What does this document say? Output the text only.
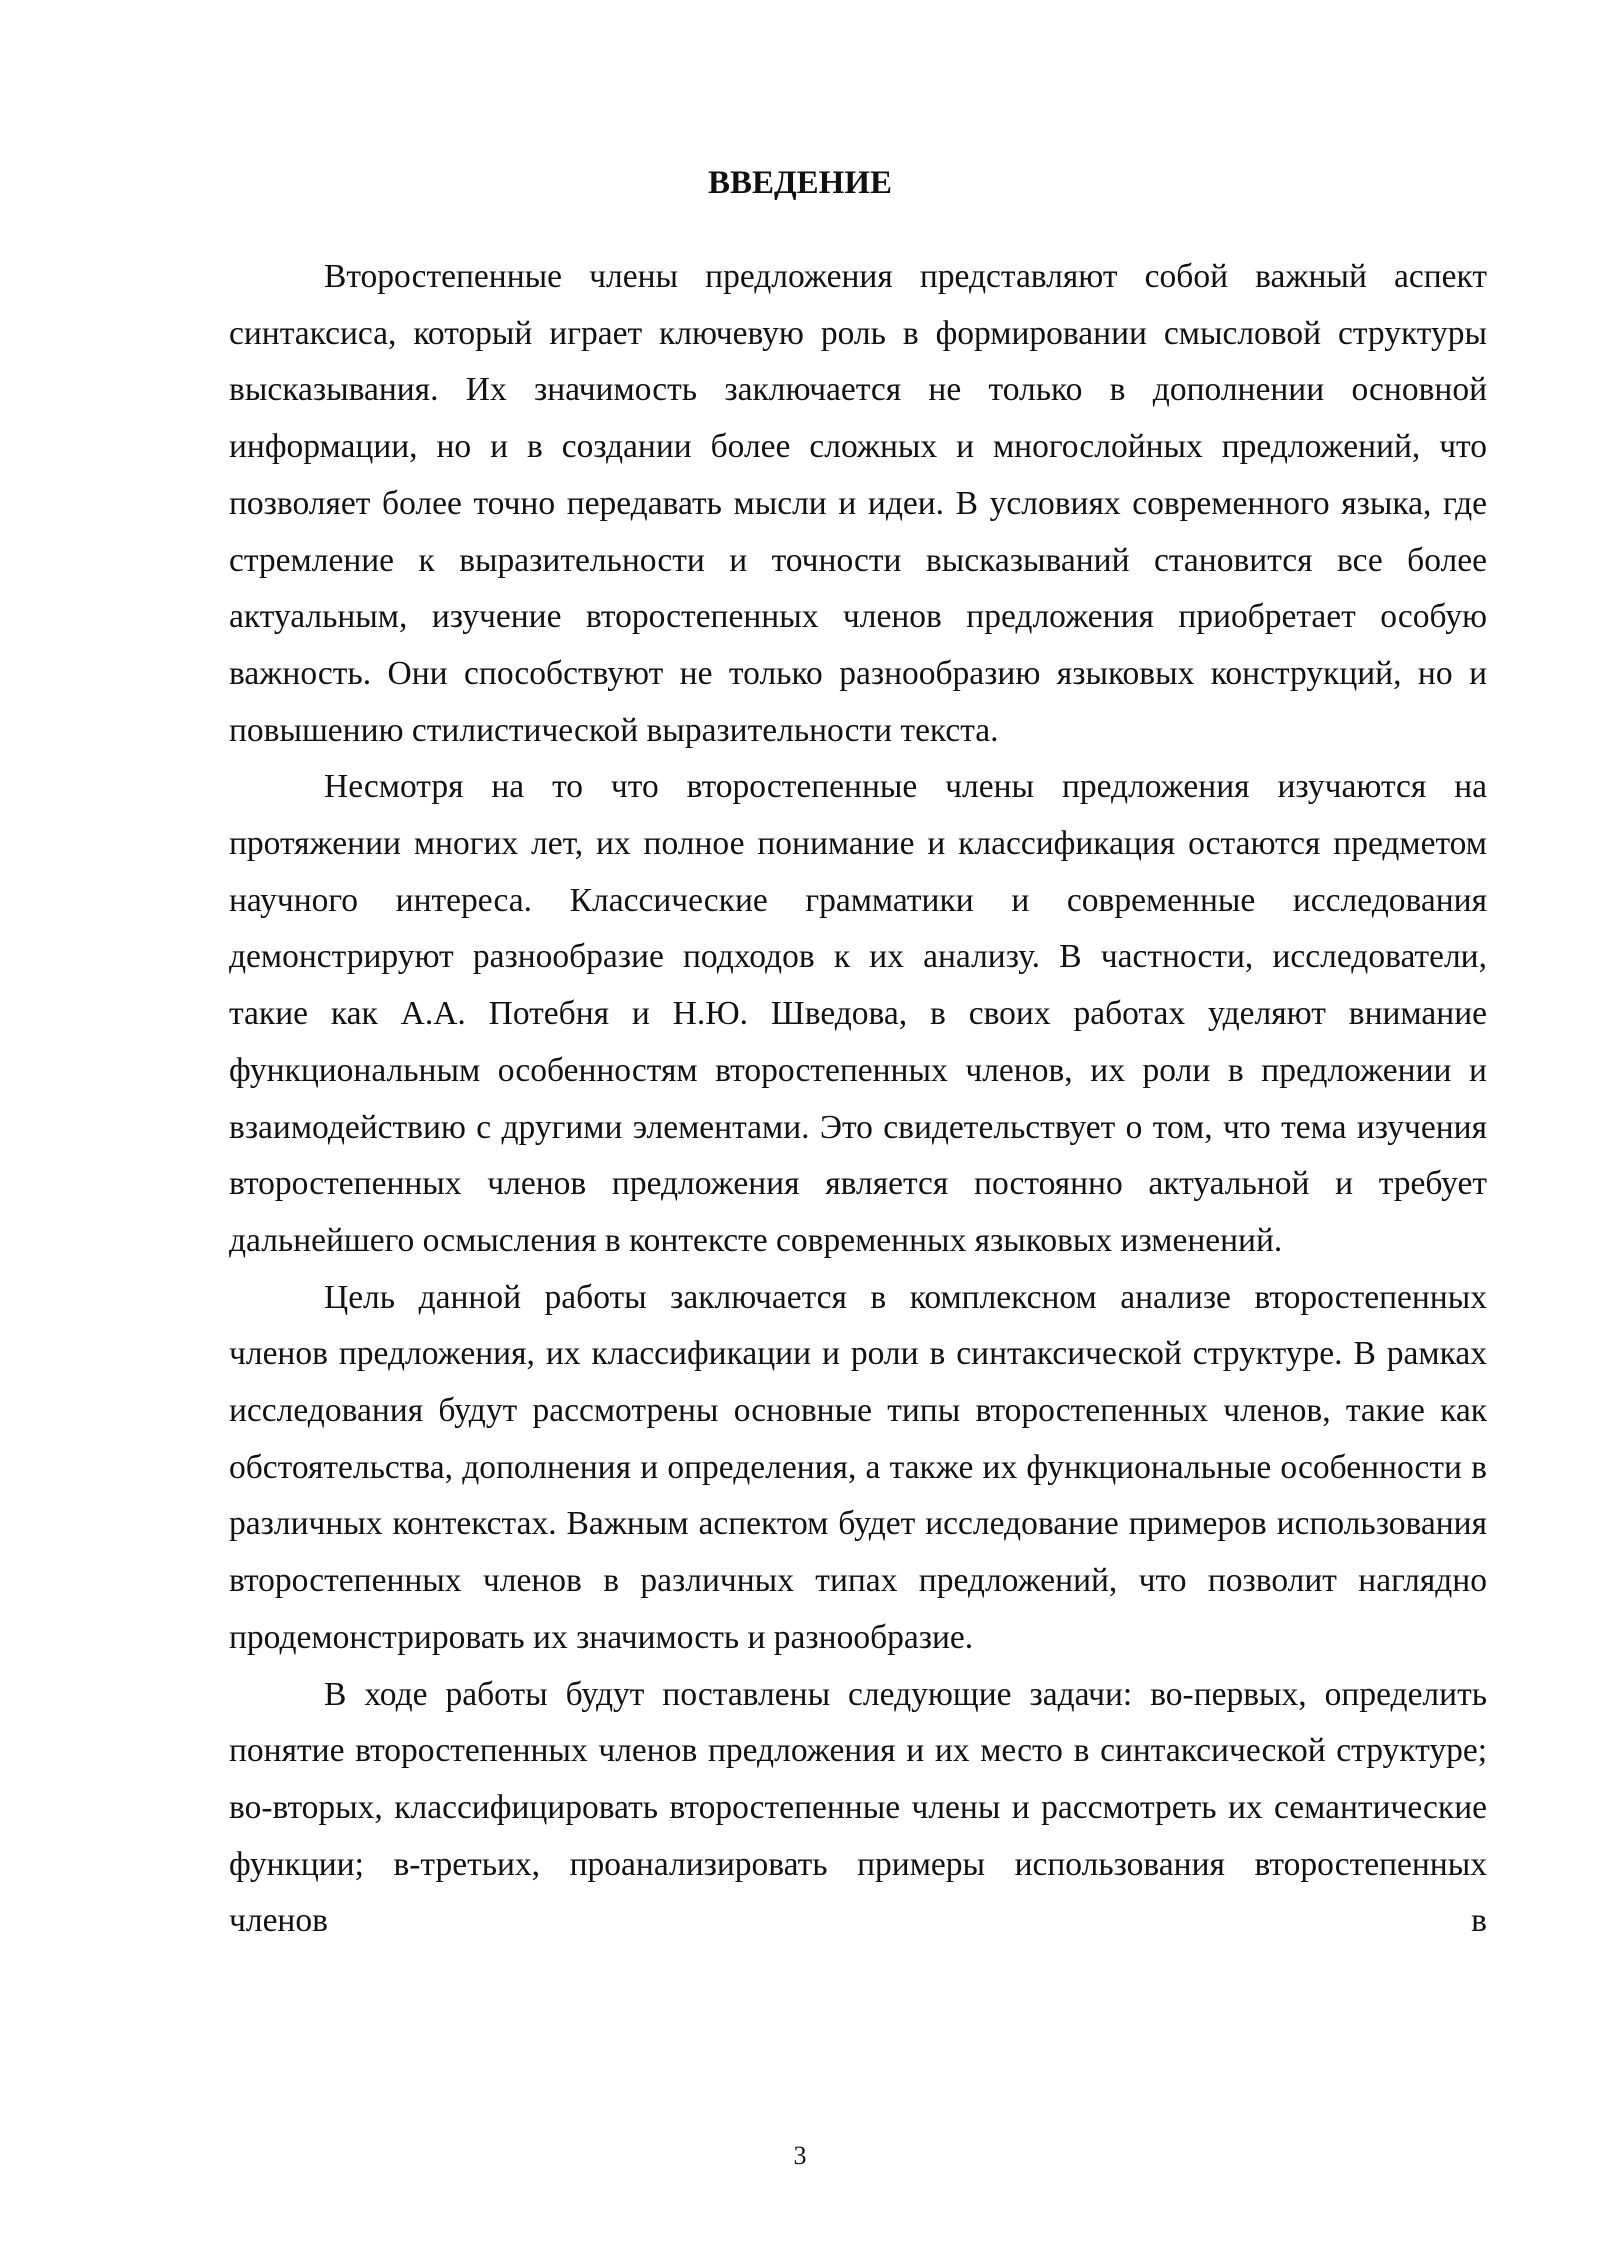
ВВЕДЕНИЕ

Второстепенные члены предложения представляют собой важный аспект синтаксиса, который играет ключевую роль в формировании смысловой структуры высказывания. Их значимость заключается не только в дополнении основной информации, но и в создании более сложных и многослойных предложений, что позволяет более точно передавать мысли и идеи. В условиях современного языка, где стремление к выразительности и точности высказываний становится все более актуальным, изучение второстепенных членов предложения приобретает особую важность. Они способствуют не только разнообразию языковых конструкций, но и повышению стилистической выразительности текста.

Несмотря на то что второстепенные члены предложения изучаются на протяжении многих лет, их полное понимание и классификация остаются предметом научного интереса. Классические грамматики и современные исследования демонстрируют разнообразие подходов к их анализу. В частности, исследователи, такие как А.А. Потебня и Н.Ю. Шведова, в своих работах уделяют внимание функциональным особенностям второстепенных членов, их роли в предложении и взаимодействию с другими элементами. Это свидетельствует о том, что тема изучения второстепенных членов предложения является постоянно актуальной и требует дальнейшего осмысления в контексте современных языковых изменений.

Цель данной работы заключается в комплексном анализе второстепенных членов предложения, их классификации и роли в синтаксической структуре. В рамках исследования будут рассмотрены основные типы второстепенных членов, такие как обстоятельства, дополнения и определения, а также их функциональные особенности в различных контекстах. Важным аспектом будет исследование примеров использования второстепенных членов в различных типах предложений, что позволит наглядно продемонстрировать их значимость и разнообразие.

В ходе работы будут поставлены следующие задачи: во-первых, определить понятие второстепенных членов предложения и их место в синтаксической структуре; во-вторых, классифицировать второстепенные члены и рассмотреть их семантические функции; в-третьих, проанализировать примеры использования второстепенных членов в

3
